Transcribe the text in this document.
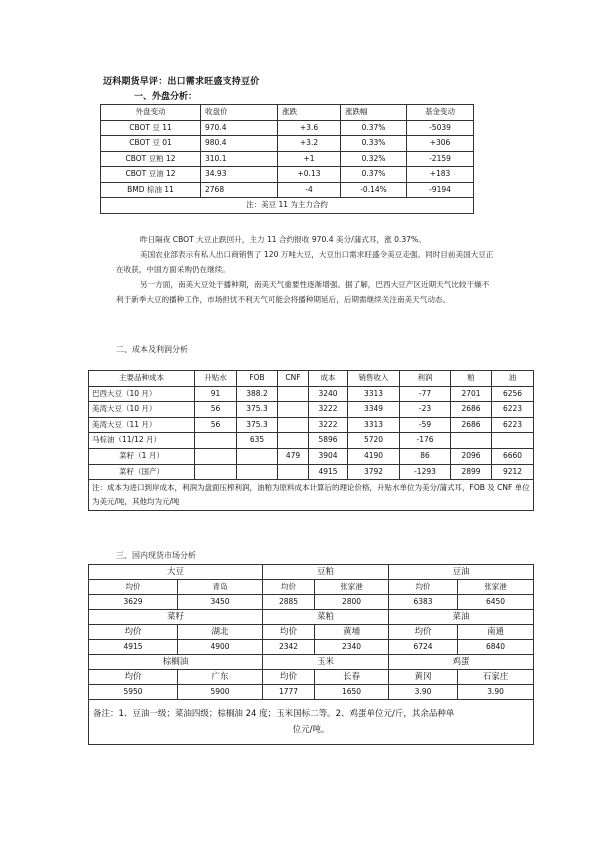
迈科期货早评：出口需求旺盛支持豆价
一、外盘分析：
外盘变动	收盘价	涨跌	涨跌幅	基金变动
CBOT 豆 11	970.4	+3.6	0.37%	-5039
CBOT 豆 01	980.4	+3.2	0.33%	+306
CBOT 豆粕 12	310.1	+1	0.32%	-2159
CBOT 豆油 12	34.93	+0.13	0.37%	+183
BMD 棕油 11	2768	-4	-0.14%	-9194
注：美豆 11 为主力合约				
昨日隔夜 CBOT 大豆止跌回升，主力 11 合约报收 970.4 美分/蒲式耳，涨 0.37%。
美国农业部表示有私人出口商销售了 120 万吨大豆，大豆出口需求旺盛令美豆走强。同时目前美国大豆正在收获，中国方面采购仍在继续。
另一方面，南美大豆处于播种期，南美天气重要性逐渐增强。据了解，巴西大豆产区近期天气比较干燥不利于新季大豆的播种工作，市场担忧不利天气可能会将播种期延后，后期需继续关注南美天气动态。
二、成本及利润分析
主要品种成本	升贴水	FOB	CNF	成本	销售收入	利润	粕	油
巴西大豆（10 月）	91	388.2		3240	3313	-77	2701	6256
美湾大豆（10 月）	56	375.3		3222	3349	-23	2686	6223
美湾大豆（11 月）	56	375.3		3222	3313	-59	2686	6223
马棕油（11/12 月）		635		5896	5720	-176		
菜籽（1 月）			479	3904	4190	86	2096	6660
菜籽（国产）				4915	3792	-1293	2899	9212
注：成本为进口到岸成本，利润为盘面压榨利润，油粕为原料成本计算后的理论价格，升贴水单位为美分/蒲式耳，FOB 及 CNF 单位为美元/吨，其他均为元/吨								
三、国内现货市场分析
大豆		豆粕		豆油	
均价	青岛	均价	张家港	均价	张家港
3629	3450	2885	2800	6383	6450
菜籽		菜粕		菜油	
均价	湖北	均价	黄埔	均价	南通
4915	4900	2342	2340	6724	6840
棕榈油		玉米		鸡蛋	
均价	广东	均价	长春	黄冈	石家庄
5950	5900	1777	1650	3.90	3.90
备注：1、豆油一级；菜油四级；棕榈油 24 度；玉米国标二等。2、鸡蛋单位元/斤，其余品种单
位元/吨。					
